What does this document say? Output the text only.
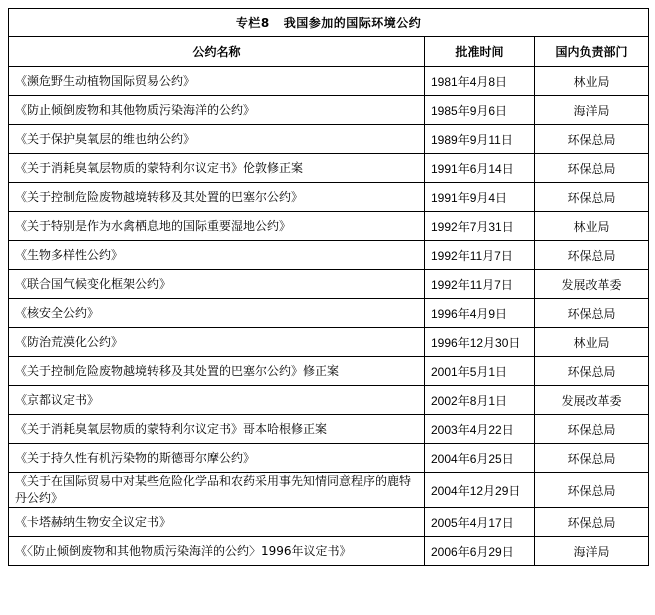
专栏8 我国参加的国际环境公约		
公约名称	批准时间	国内负责部门
《濒危野生动植物国际贸易公约》	1981年4月8日	林业局
《防止倾倒废物和其他物质污染海洋的公约》	1985年9月6日	海洋局
《关于保护臭氧层的维也纳公约》	1989年9月11日	环保总局
《关于消耗臭氧层物质的蒙特利尔议定书》伦敦修正案	1991年6月14日	环保总局
《关于控制危险废物越境转移及其处置的巴塞尔公约》	1991年9月4日	环保总局
《关于特别是作为水禽栖息地的国际重要湿地公约》	1992年7月31日	林业局
《生物多样性公约》	1992年11月7日	环保总局
《联合国气候变化框架公约》	1992年11月7日	发展改革委
《核安全公约》	1996年4月9日	环保总局
《防治荒漠化公约》	1996年12月30日	林业局
《关于控制危险废物越境转移及其处置的巴塞尔公约》修正案	2001年5月1日	环保总局
《京都议定书》	2002年8月1日	发展改革委
《关于消耗臭氧层物质的蒙特利尔议定书》哥本哈根修正案	2003年4月22日	环保总局
《关于持久性有机污染物的斯德哥尔摩公约》	2004年6月25日	环保总局
《关于在国际贸易中对某些危险化学品和农药采用事先知情同意程序的鹿特丹公约》	2004年12月29日	环保总局
《卡塔赫纳生物安全议定书》	2005年4月17日	环保总局
《〈防止倾倒废物和其他物质污染海洋的公约〉1996年议定书》	2006年6月29日	海洋局
